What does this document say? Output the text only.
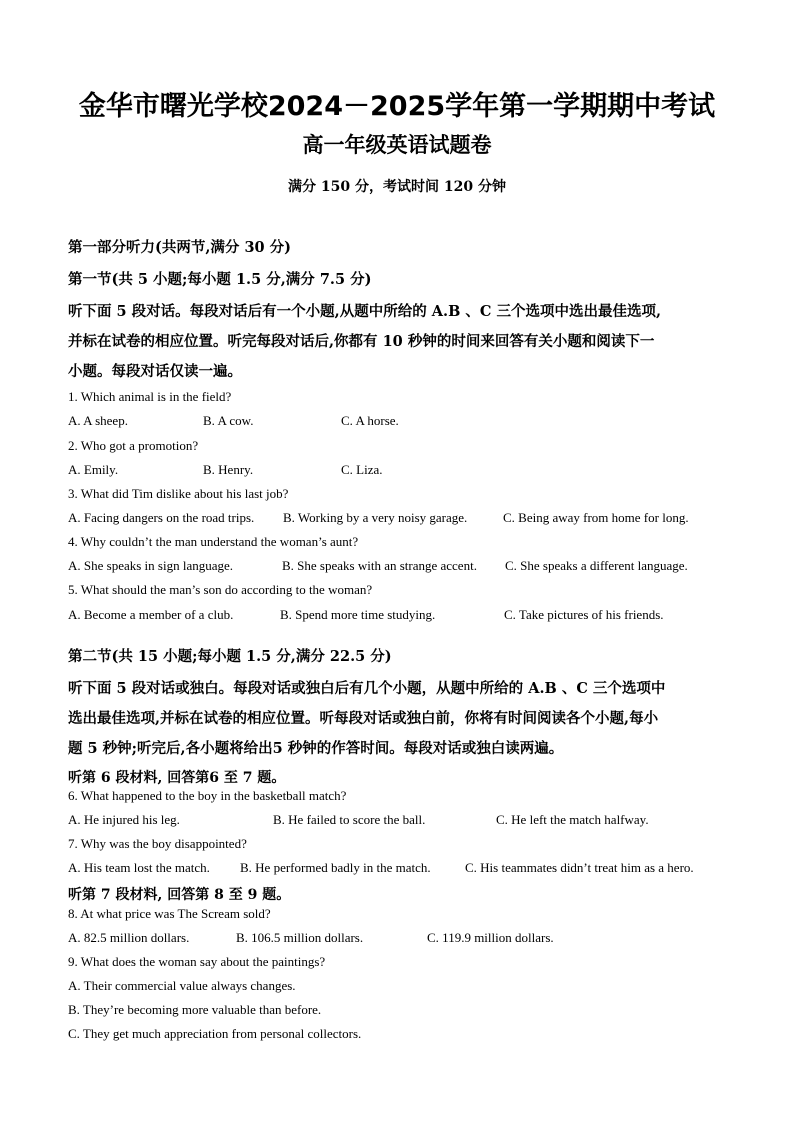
金华市曙光学校2024－2025学年第一学期期中考试
高一年级英语试题卷
满分 150 分，考试时间 120 分钟
第一部分听力(共两节,满分 30 分)
第一节(共 5 小题;每小题 1.5 分,满分 7.5 分)
听下面 5 段对话。每段对话后有一个小题,从题中所给的 A.B 、C 三个选项中选出最佳选项,
并标在试卷的相应位置。听完每段对话后,你都有 10 秒钟的时间来回答有关小题和阅读下一
小题。每段对话仅读一遍。
1. Which animal is in the field?
A. A sheep.	B. A cow.	C. A horse.
2. Who got a promotion?
A. Emily.	B. Henry.	C. Liza.
3. What did Tim dislike about his last job?
A. Facing dangers on the road trips. B. Working by a very noisy garage.	C. Being away from home for long.
4. Why couldn’t the man understand the woman’s aunt?
A. She speaks in sign language.	B. She speaks with an strange accent. C. She speaks a different language.
5. What should the man’s son do according to the woman?
A. Become a member of a club.	B. Spend more time studying.	C. Take pictures of his friends.
第二节(共 15 小题;每小题 1.5 分,满分 22.5 分)
听下面 5 段对话或独白。每段对话或独白后有几个小题，从题中所给的 A.B 、C 三个选项中
选出最佳选项,并标在试卷的相应位置。听每段对话或独白前，你将有时间阅读各个小题,每小
题 5 秒钟;听完后,各小题将给出5 秒钟的作答时间。每段对话或独白读两遍。
听第 6 段材料, 回答第6 至 7 题。
6. What happened to the boy in the basketball match?
A. He injured his leg.	B. He failed to score the ball.	C. He left the match halfway.
7. Why was the boy disappointed?
A. His team lost the match. B. He performed badly in the match.	C. His teammates didn’t treat him as a hero.
听第 7 段材料, 回答第 8 至 9 题。
8. At what price was The Scream sold?
A. 82.5 million dollars.	B. 106.5 million dollars.	C. 119.9 million dollars.
9. What does the woman say about the paintings?
A. Their commercial value always changes.
B. They’re becoming more valuable than before.
C. They get much appreciation from personal collectors.
